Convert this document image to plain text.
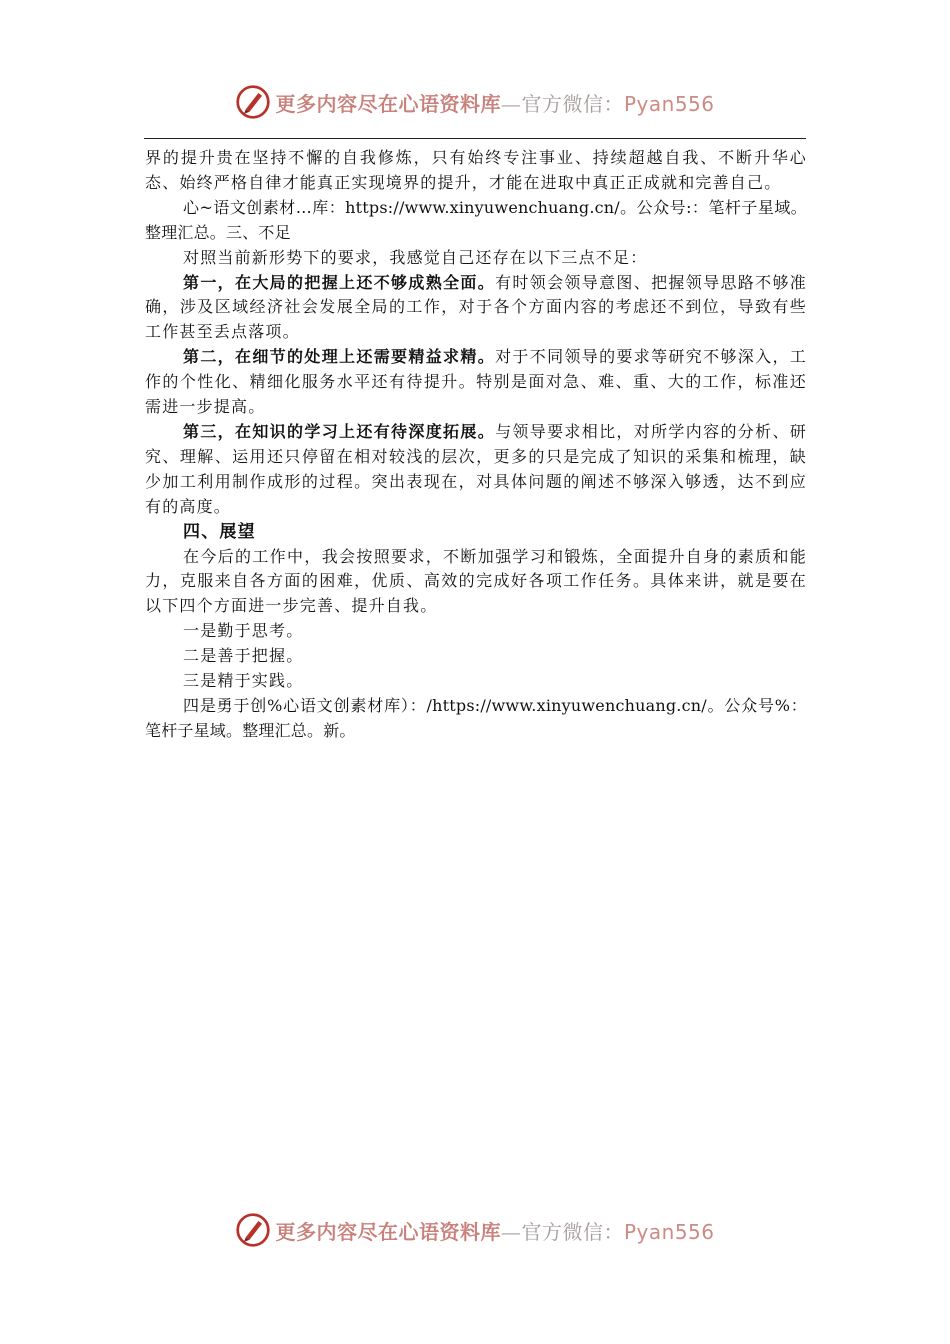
更多内容尽在心语资料库—官方微信：Pyan556

界的提升贵在坚持不懈的自我修炼，只有始终专注事业、持续超越自我、不断升华心态、始终严格自律才能真正实现境界的提升，才能在进取中真正正成就和完善自己。

心~语文创素材…库：https://www.xinyuwenchuang.cn/。公众号:：笔杆子星域。整理汇总。三、不足

对照当前新形势下的要求，我感觉自己还存在以下三点不足：

第一，在大局的把握上还不够成熟全面。有时领会领导意图、把握领导思路不够准确，涉及区域经济社会发展全局的工作，对于各个方面内容的考虑还不到位，导致有些工作甚至丢点落项。

第二，在细节的处理上还需要精益求精。对于不同领导的要求等研究不够深入，工作的个性化、精细化服务水平还有待提升。特别是面对急、难、重、大的工作，标准还需进一步提高。

第三，在知识的学习上还有待深度拓展。与领导要求相比，对所学内容的分析、研究、理解、运用还只停留在相对较浅的层次，更多的只是完成了知识的采集和梳理，缺少加工利用制作成形的过程。突出表现在，对具体问题的阐述不够深入够透，达不到应有的高度。

四、展望

在今后的工作中，我会按照要求，不断加强学习和锻炼，全面提升自身的素质和能力，克服来自各方面的困难，优质、高效的完成好各项工作任务。具体来讲，就是要在以下四个方面进一步完善、提升自我。

一是勤于思考。

二是善于把握。

三是精于实践。

四是勇于创%心语文创素材库）：/https://www.xinyuwenchuang.cn/。公众号%：笔杆子星域。整理汇总。新。

更多内容尽在心语资料库—官方微信：Pyan556
